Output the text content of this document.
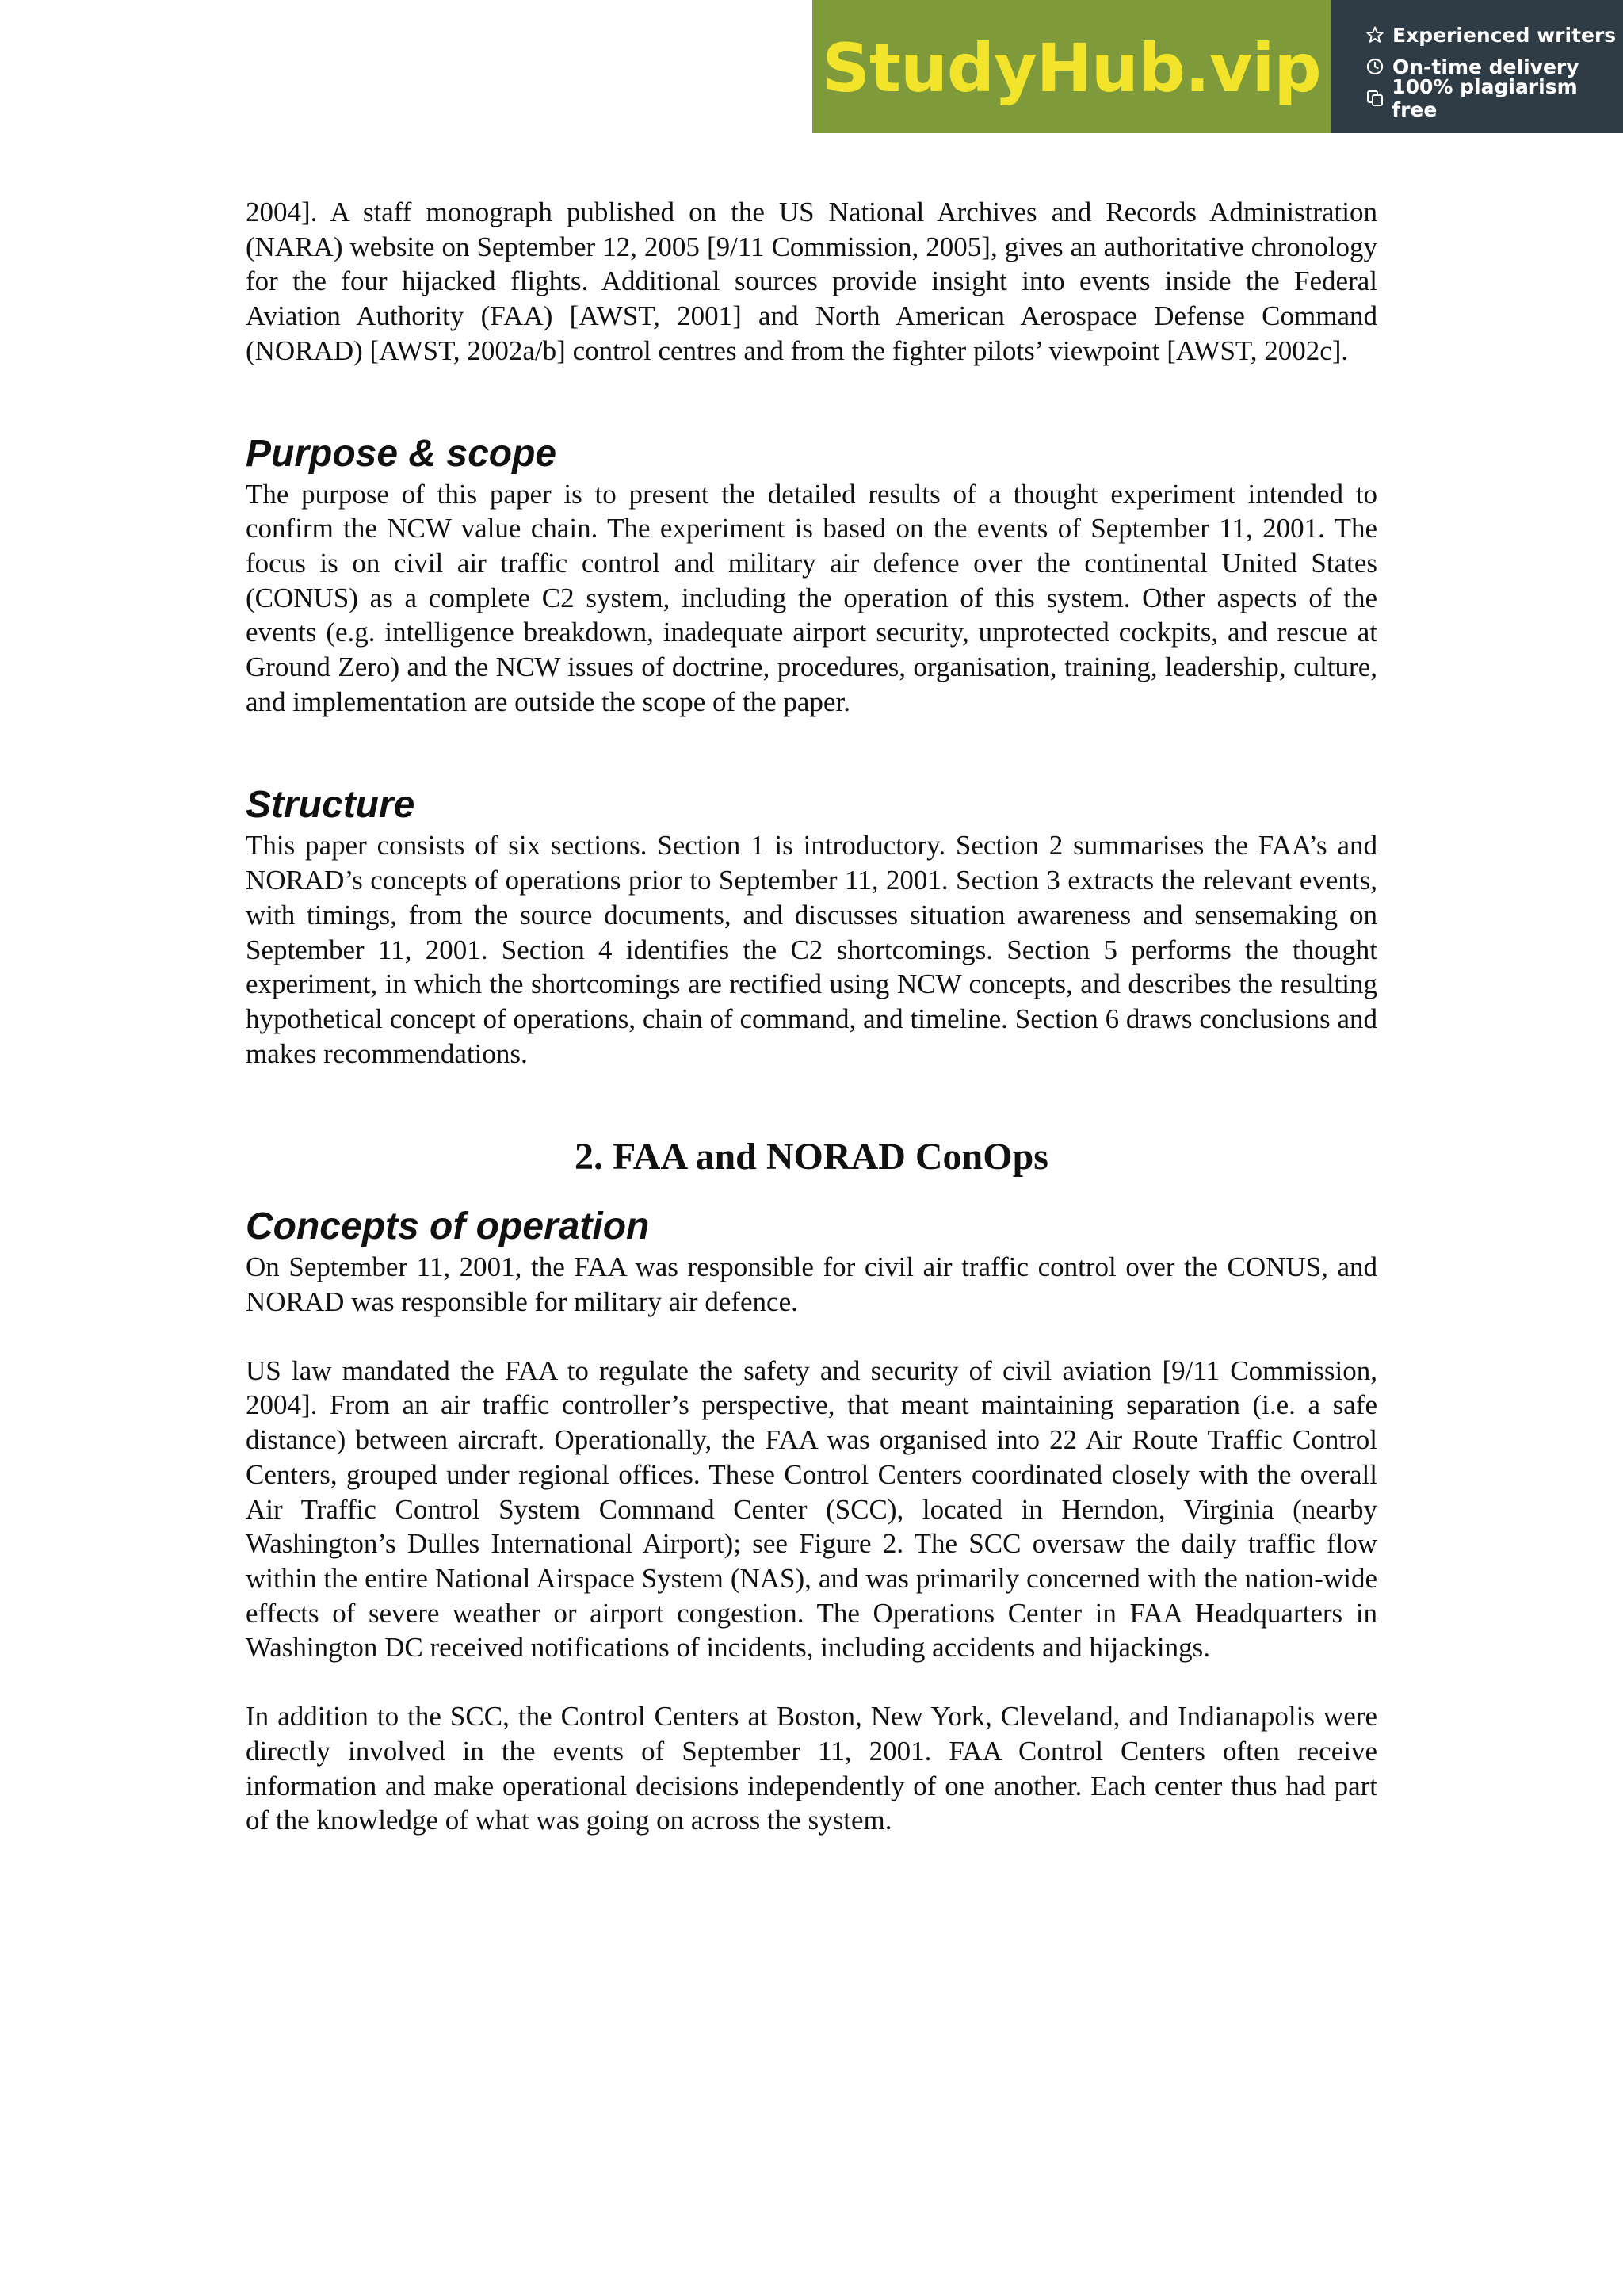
StudyHub.vip	Experienced writers
On-time delivery
100% plagiarism free

2004]. A staff monograph published on the US National Archives and Records Administration (NARA) website on September 12, 2005 [9/11 Commission, 2005], gives an authoritative chronology for the four hijacked flights. Additional sources provide insight into events inside the Federal Aviation Authority (FAA) [AWST, 2001] and North American Aerospace Defense Command (NORAD) [AWST, 2002a/b] control centres and from the fighter pilots’ viewpoint [AWST, 2002c].

Purpose & scope

The purpose of this paper is to present the detailed results of a thought experiment intended to confirm the NCW value chain. The experiment is based on the events of September 11, 2001. The focus is on civil air traffic control and military air defence over the continental United States (CONUS) as a complete C2 system, including the operation of this system. Other aspects of the events (e.g. intelligence breakdown, inadequate airport security, unprotected cockpits, and rescue at Ground Zero) and the NCW issues of doctrine, procedures, organisation, training, leadership, culture, and implementation are outside the scope of the paper.

Structure

This paper consists of six sections. Section 1 is introductory. Section 2 summarises the FAA’s and NORAD’s concepts of operations prior to September 11, 2001. Section 3 extracts the relevant events, with timings, from the source documents, and discusses situation awareness and sensemaking on September 11, 2001. Section 4 identifies the C2 shortcomings. Section 5 performs the thought experiment, in which the shortcomings are rectified using NCW concepts, and describes the resulting hypothetical concept of operations, chain of command, and timeline. Section 6 draws conclusions and makes recommendations.

2. FAA and NORAD ConOps
Concepts of operation

On September 11, 2001, the FAA was responsible for civil air traffic control over the CONUS, and NORAD was responsible for military air defence.

US law mandated the FAA to regulate the safety and security of civil aviation [9/11 Commission, 2004]. From an air traffic controller’s perspective, that meant maintaining separation (i.e. a safe distance) between aircraft. Operationally, the FAA was organised into 22 Air Route Traffic Control Centers, grouped under regional offices. These Control Centers coordinated closely with the overall Air Traffic Control System Command Center (SCC), located in Herndon, Virginia (nearby Washington’s Dulles International Airport); see Figure 2. The SCC oversaw the daily traffic flow within the entire National Airspace System (NAS), and was primarily concerned with the nation-wide effects of severe weather or airport congestion. The Operations Center in FAA Headquarters in Washington DC received notifications of incidents, including accidents and hijackings.

In addition to the SCC, the Control Centers at Boston, New York, Cleveland, and Indianapolis were directly involved in the events of September 11, 2001. FAA Control Centers often receive information and make operational decisions independently of one another. Each center thus had part of the knowledge of what was going on across the system.
